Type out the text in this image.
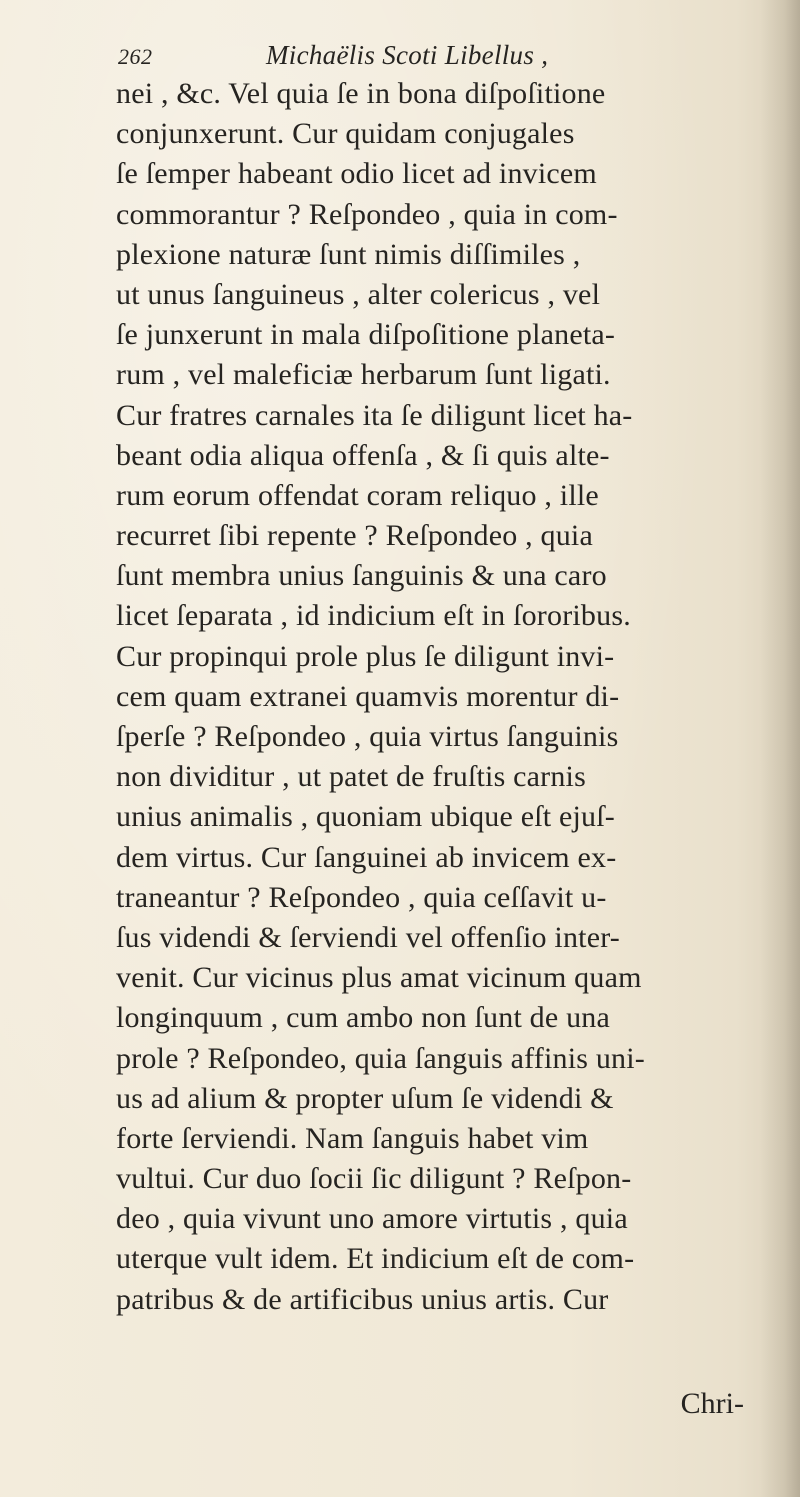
262	Michaëlis Scoti Libellus ,
nei , &c. Vel quia ſe in bona diſpoſitione
conjunxerunt. Cur quidam conjugales
ſe ſemper habeant odio licet ad invicem
commorantur ? Reſpondeo , quia in com-
plexione naturæ ſunt nimis diſſimiles ,
ut unus ſanguineus , alter colericus , vel
ſe junxerunt in mala diſpoſitione planeta-
rum , vel maleficiæ herbarum ſunt ligati.
Cur fratres carnales ita ſe diligunt licet ha-
beant odia aliqua offenſa , & ſi quis alte-
rum eorum offendat coram reliquo , ille
recurret ſibi repente ? Reſpondeo , quia
ſunt membra unius ſanguinis & una caro
licet ſeparata , id indicium eſt in ſororibus.
Cur propinqui prole plus ſe diligunt invi-
cem quam extranei quamvis morentur di-
ſperſe ? Reſpondeo , quia virtus ſanguinis
non dividitur , ut patet de fruſtis carnis
unius animalis , quoniam ubique eſt ejuſ-
dem virtus. Cur ſanguinei ab invicem ex-
traneantur ? Reſpondeo , quia ceſſavit u-
ſus videndi & ſerviendi vel offenſio inter-
venit. Cur vicinus plus amat vicinum quam
longinquum , cum ambo non ſunt de una
prole ? Reſpondeo, quia ſanguis affinis uni-
us ad alium & propter uſum ſe videndi &
forte ſerviendi. Nam ſanguis habet vim
vultui. Cur duo ſocii ſic diligunt ? Reſpon-
deo , quia vivunt uno amore virtutis , quia
uterque vult idem. Et indicium eſt de com-
patribus & de artificibus unius artis. Cur
Chri-
